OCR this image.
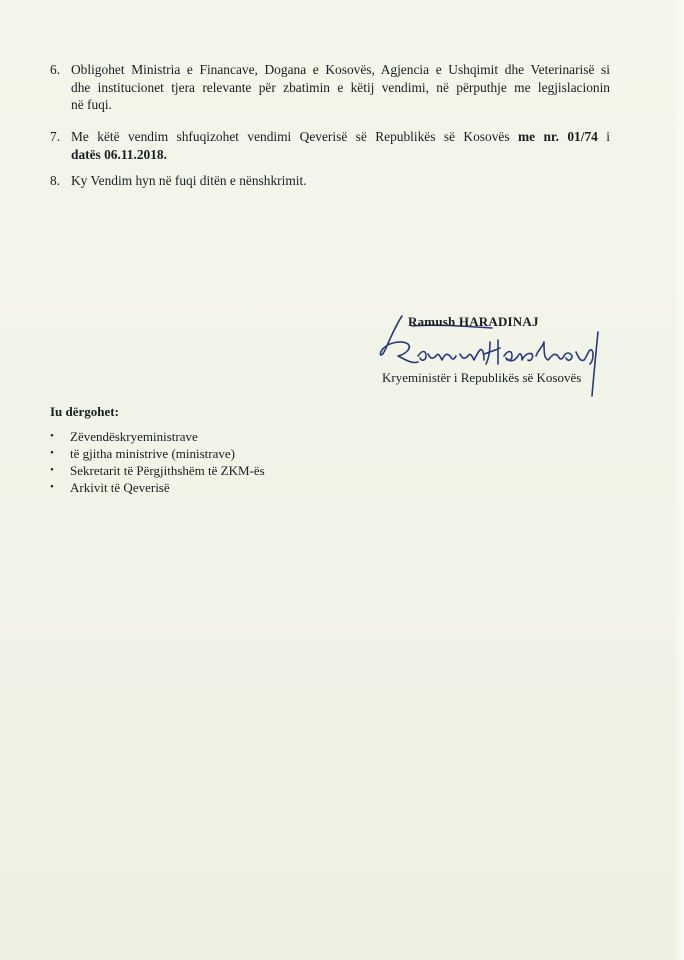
6. Obligohet Ministria e Financave, Dogana e Kosovës, Agjencia e Ushqimit dhe Veterinarisë si
dhe institucionet tjera relevante për zbatimin e këtij vendimi, në përputhje me legjislacionin
në fuqi.
7. Me këtë vendim shfuqizohet vendimi Qeverisë së Republikës së Kosovës me nr. 01/74 i
datës 06.11.2018.
8. Ky Vendim hyn në fuqi ditën e nënshkrimit.
Ramush HARADINAJ
Kryeministër i Republikës së Kosovës
Iu dërgohet:
• Zëvendëskryeministrave
• të gjitha ministrive (ministrave)
• Sekretarit të Përgjithshëm të ZKM-ës
• Arkivit të Qeverisë
